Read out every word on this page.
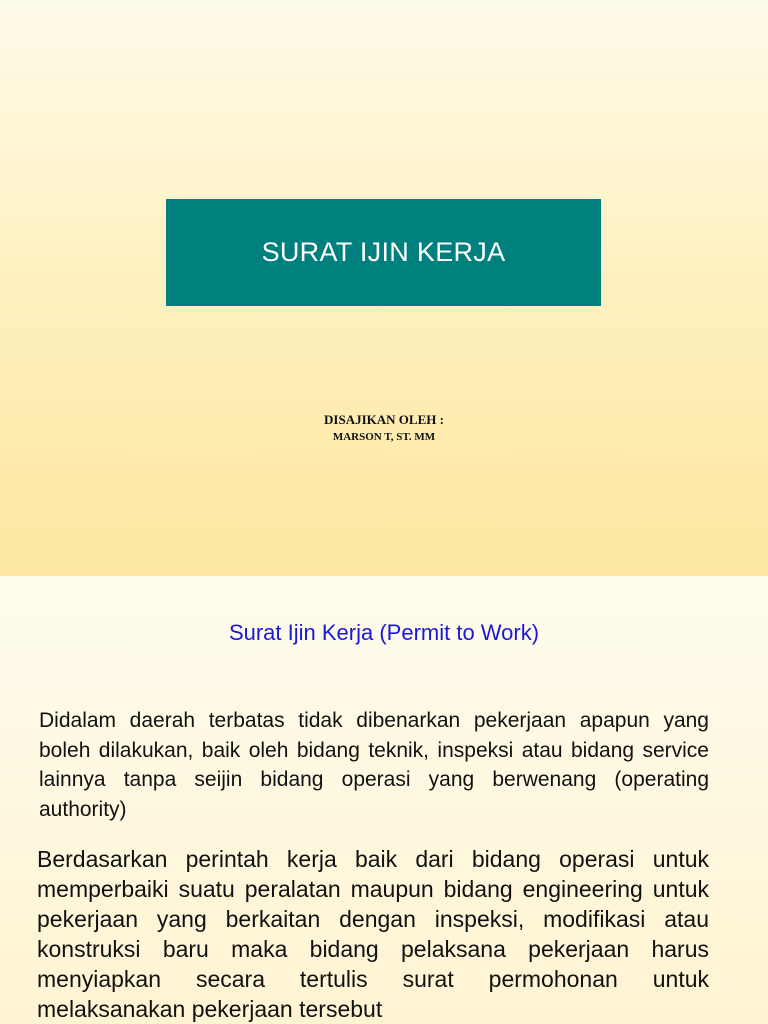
SURAT IJIN KERJA
DISAJIKAN OLEH :
MARSON T, ST. MM
Surat Ijin Kerja (Permit to Work)

Didalam daerah terbatas tidak dibenarkan pekerjaan apapun yang boleh dilakukan, baik oleh bidang teknik, inspeksi atau bidang service lainnya tanpa seijin bidang operasi yang berwenang (operating authority)

Berdasarkan perintah kerja baik dari bidang operasi untuk memperbaiki suatu peralatan maupun bidang engineering untuk pekerjaan yang berkaitan dengan inspeksi, modifikasi atau konstruksi baru maka bidang pelaksana pekerjaan harus menyiapkan secara tertulis surat permohonan untuk melaksanakan pekerjaan tersebut
